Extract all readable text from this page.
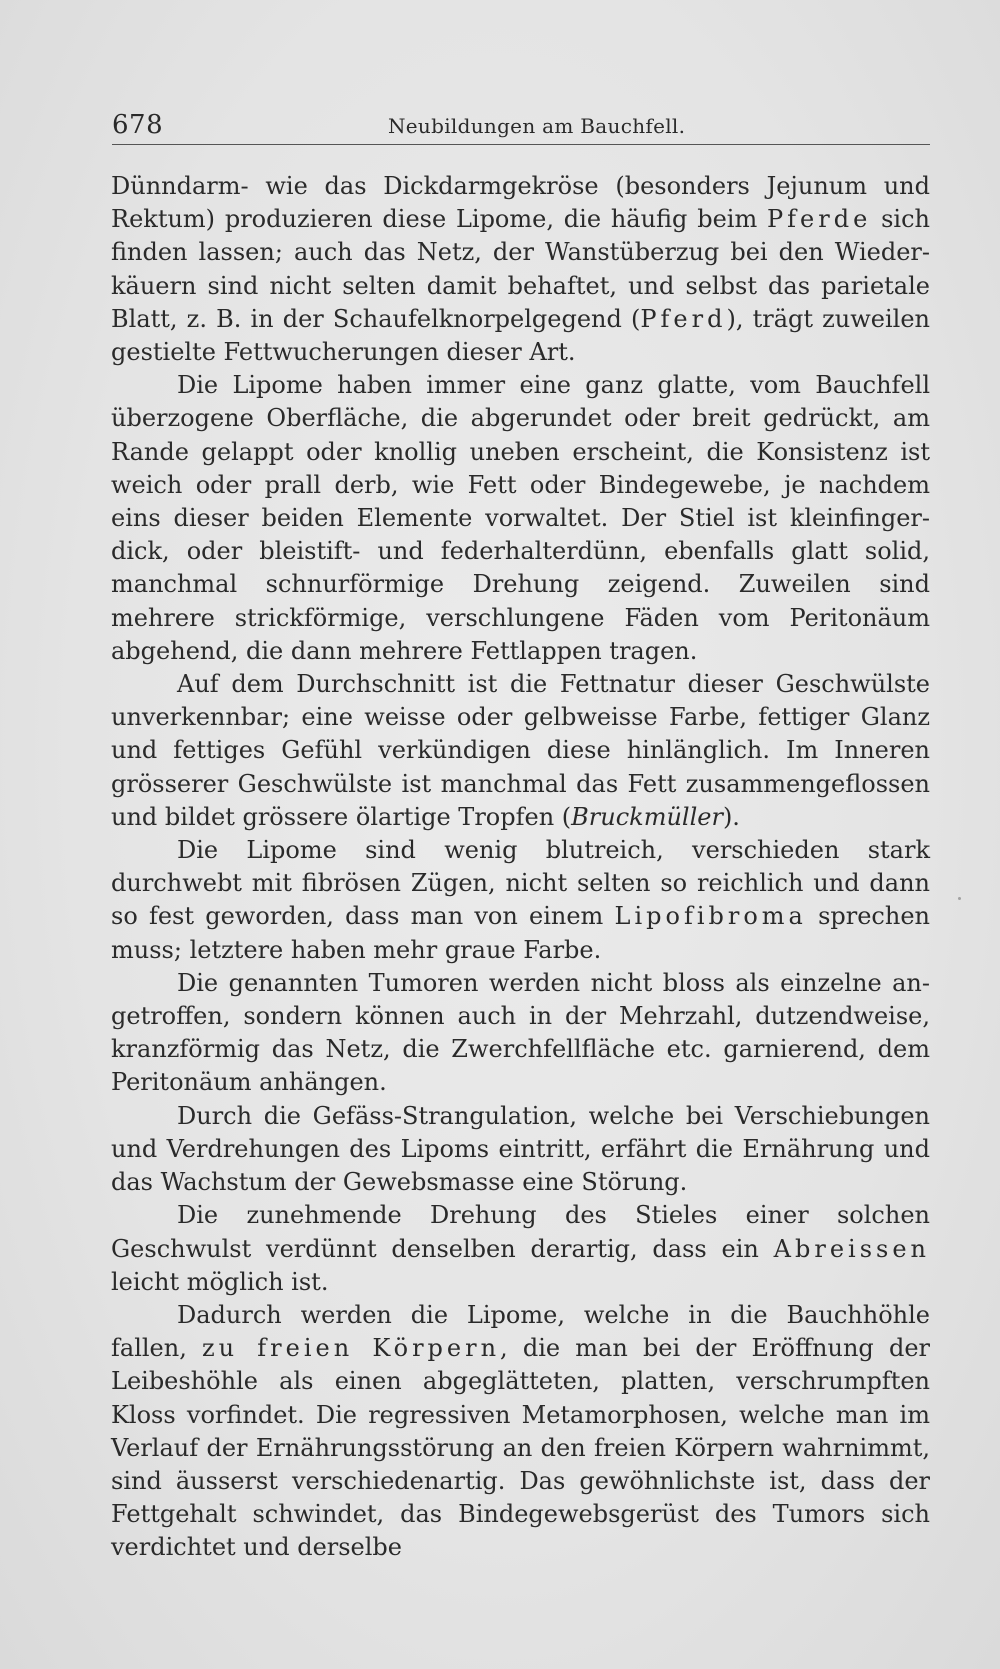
678	Neubildungen am Bauchfell.

Dünndarm- wie das Dickdarmgekröse (besonders Jejunum und Rektum) produzieren diese Lipome, die häufig beim Pferde sich finden lassen; auch das Netz, der Wanstüberzug bei den Wiederkäuern sind nicht selten damit behaftet, und selbst das parietale Blatt, z. B. in der Schaufelknorpelgegend (Pferd), trägt zuweilen gestielte Fettwucherungen dieser Art.

Die Lipome haben immer eine ganz glatte, vom Bauchfell überzogene Oberfläche, die abgerundet oder breit gedrückt, am Rande gelappt oder knollig uneben erscheint, die Konsistenz ist weich oder prall derb, wie Fett oder Bindegewebe, je nachdem eins dieser beiden Elemente vorwaltet. Der Stiel ist kleinfingerdick, oder bleistift- und federhalterdünn, ebenfalls glatt solid, manchmal schnurförmige Drehung zeigend. Zuweilen sind mehrere strickförmige, verschlungene Fäden vom Peritonäum abgehend, die dann mehrere Fettlappen tragen.

Auf dem Durchschnitt ist die Fettnatur dieser Geschwülste unverkennbar; eine weisse oder gelbweisse Farbe, fettiger Glanz und fettiges Gefühl verkündigen diese hinlänglich. Im Inneren grösserer Geschwülste ist manchmal das Fett zusammengeflossen und bildet grössere ölartige Tropfen (Bruckmüller).

Die Lipome sind wenig blutreich, verschieden stark durchwebt mit fibrösen Zügen, nicht selten so reichlich und dann so fest geworden, dass man von einem Lipofibroma sprechen muss; letztere haben mehr graue Farbe.

Die genannten Tumoren werden nicht bloss als einzelne angetroffen, sondern können auch in der Mehrzahl, dutzendweise, kranzförmig das Netz, die Zwerchfellfläche etc. garnierend, dem Peritonäum anhängen.

Durch die Gefäss-Strangulation, welche bei Verschiebungen und Verdrehungen des Lipoms eintritt, erfährt die Ernährung und das Wachstum der Gewebsmasse eine Störung.

Die zunehmende Drehung des Stieles einer solchen Geschwulst verdünnt denselben derartig, dass ein Abreissen leicht möglich ist.

Dadurch werden die Lipome, welche in die Bauchhöhle fallen, zu freien Körpern, die man bei der Eröffnung der Leibeshöhle als einen abgeglätteten, platten, verschrumpften Kloss vorfindet. Die regressiven Metamorphosen, welche man im Verlauf der Ernährungsstörung an den freien Körpern wahrnimmt, sind äusserst verschiedenartig. Das gewöhnlichste ist, dass der Fettgehalt schwindet, das Bindegewebsgerüst des Tumors sich verdichtet und derselbe
